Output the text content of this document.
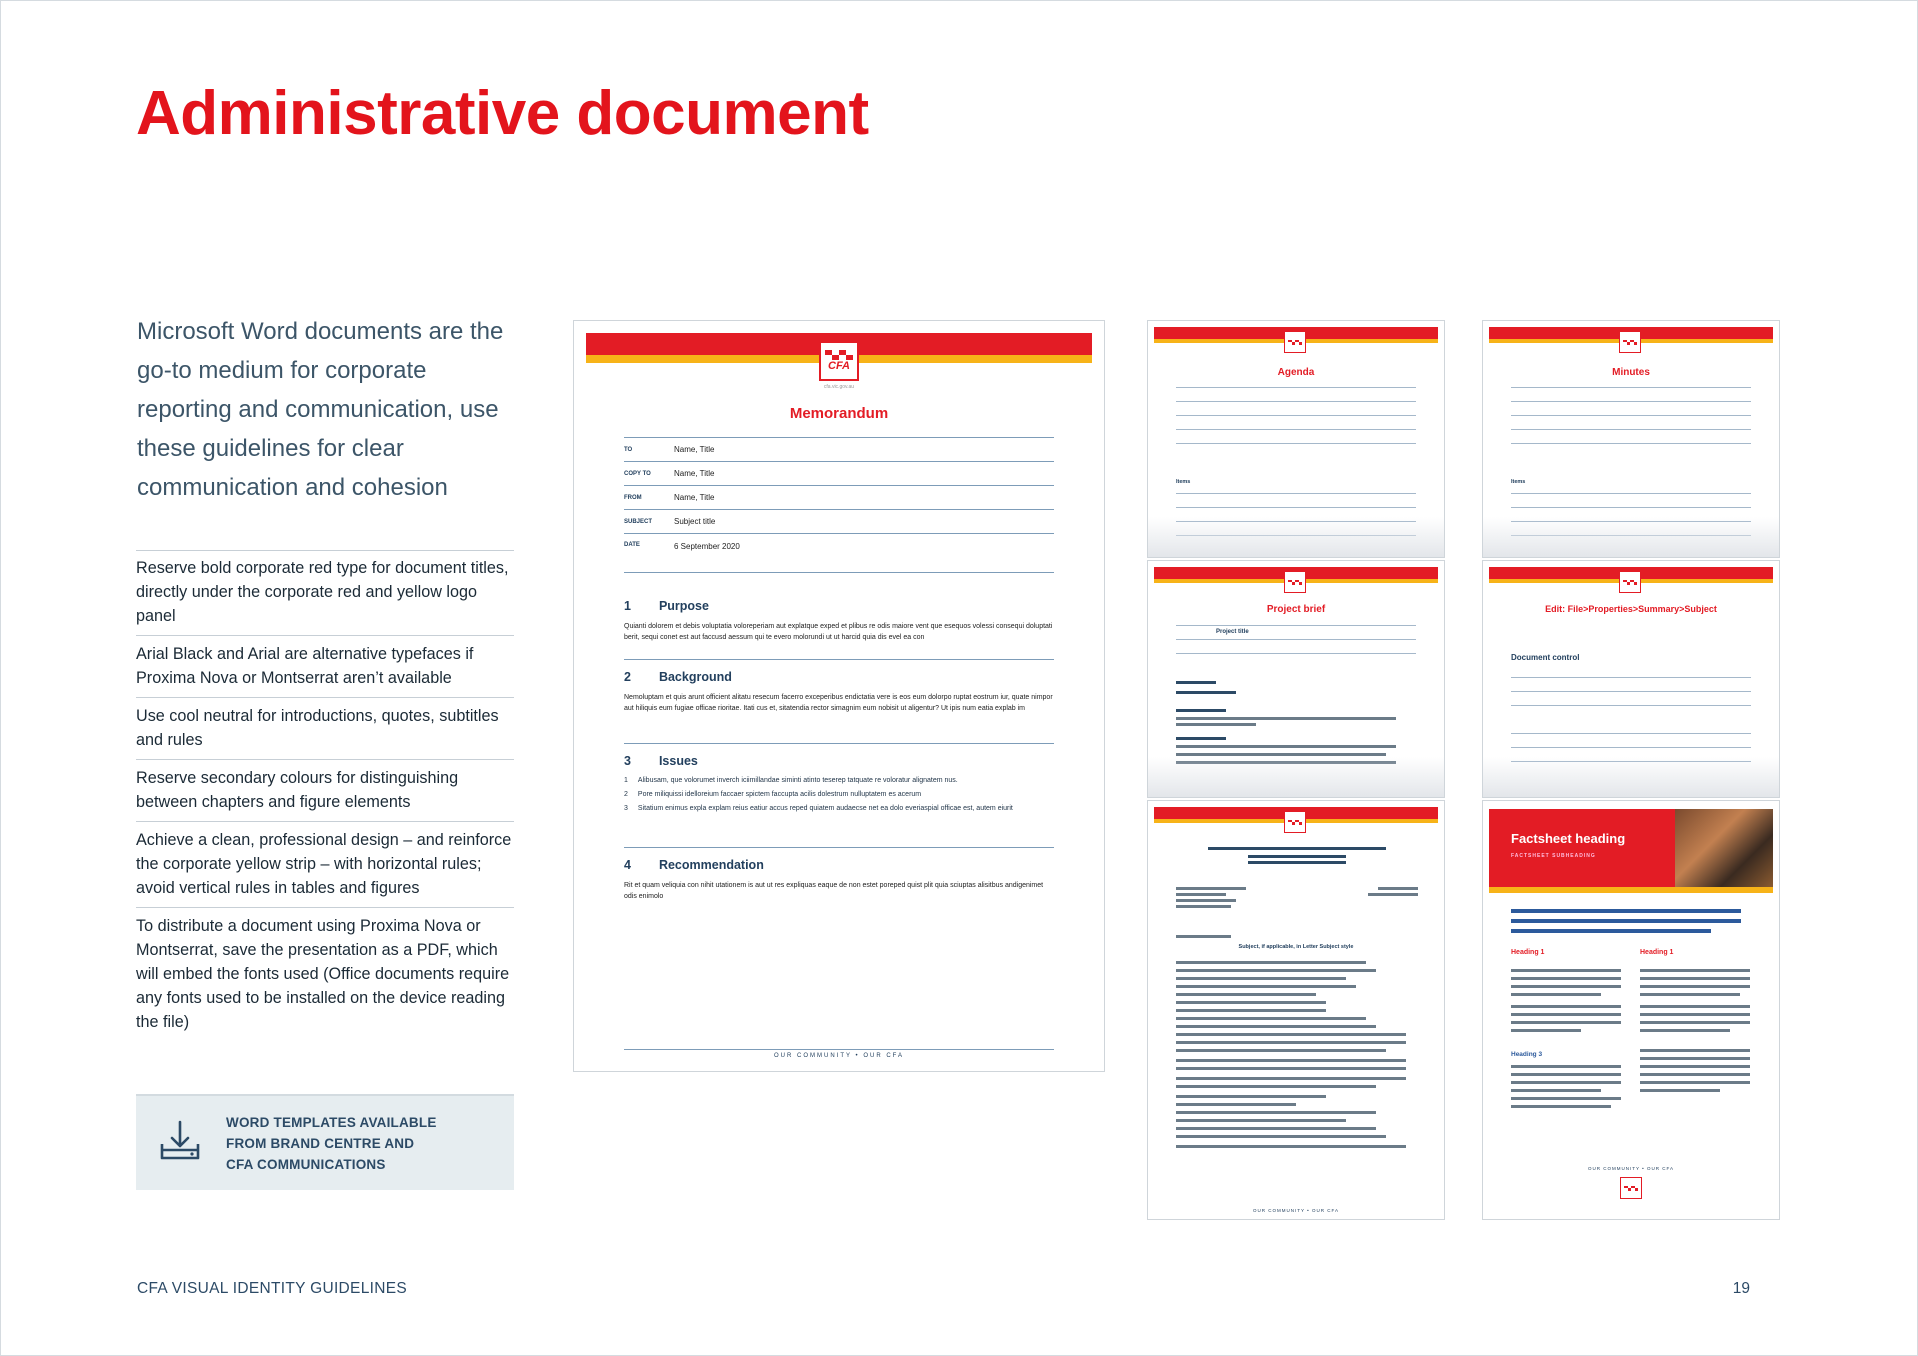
Administrative document

Microsoft Word documents are the go-to medium for corporate reporting and communication, use these guidelines for clear communication and cohesion

Reserve bold corporate red type for document titles, directly under the corporate red and yellow logo panel
Arial Black and Arial are alternative typefaces if Proxima Nova or Montserrat aren’t available
Use cool neutral for introductions, quotes, subtitles and rules
Reserve secondary colours for distinguishing between chapters and figure elements
Achieve a clean, professional design – and reinforce the corporate yellow strip – with horizontal rules; avoid vertical rules in tables and figures
To distribute a document using Proxima Nova or Montserrat, save the presentation as a PDF, which will embed the fonts used (Office documents require any fonts used to be installed on the device reading the file)
WORD TEMPLATES AVAILABLE
FROM BRAND CENTRE AND
CFA COMMUNICATIONS
CFA VISUAL IDENTITY GUIDELINES	19
CFA
cfa.vic.gov.au
Memorandum
TO	Name, Title
COPY TO	Name, Title
FROM	Name, Title
SUBJECT	Subject title
DATE	6 September 2020
1 Purpose
Quianti dolorem et debis voluptatia voloreperiam aut explatque exped et plibus re odis maiore vent que esequos volessi consequi doluptati berit, sequi conet est aut faccusd aessum qui te evero molorundi ut ut harcid quia dis evel ea con
2 Background
Nemoluptam et quis arunt officient alitatu resecum facerro exceperibus endictatia vere is eos eum dolorpo ruptat eostrum iur, quate nimpor aut hiliquis eum fugiae officae rioritae. Itati cus et, sitatendia rector simagnim eum nobisit ut aligentur? Ut ipis num eatia explab im
3 Issues
1 Alibusam, que volorumet inverch iciimillandae siminti atinto teserep tatquate re voloratur alignatem nus.
2 Pore miliquissi idelloreium faccaer spictem faccupta acilis dolestrum nulluptatem es acerum
3 Sitatium enimus expla explam reius eatiur accus reped quiatem audaecse net ea dolo everiaspial officae est, autem eiurit
4 Recommendation
Rit et quam veliquia con nihit utationem is aut ut res expliquas eaque de non estet poreped quist plit quia sciuptas alisitbus andigenimet odis enimolo
OUR COMMUNITY • OUR CFA
Agenda
Items
Minutes
Items
Project brief
Project title
Edit: File>Properties>Summary>Subject
Document control
Subject, if applicable, in Letter Subject style
OUR COMMUNITY • OUR CFA
Factsheet heading
FACTSHEET SUBHEADING
Heading 1	Heading 1
Heading 3
OUR COMMUNITY • OUR CFA
